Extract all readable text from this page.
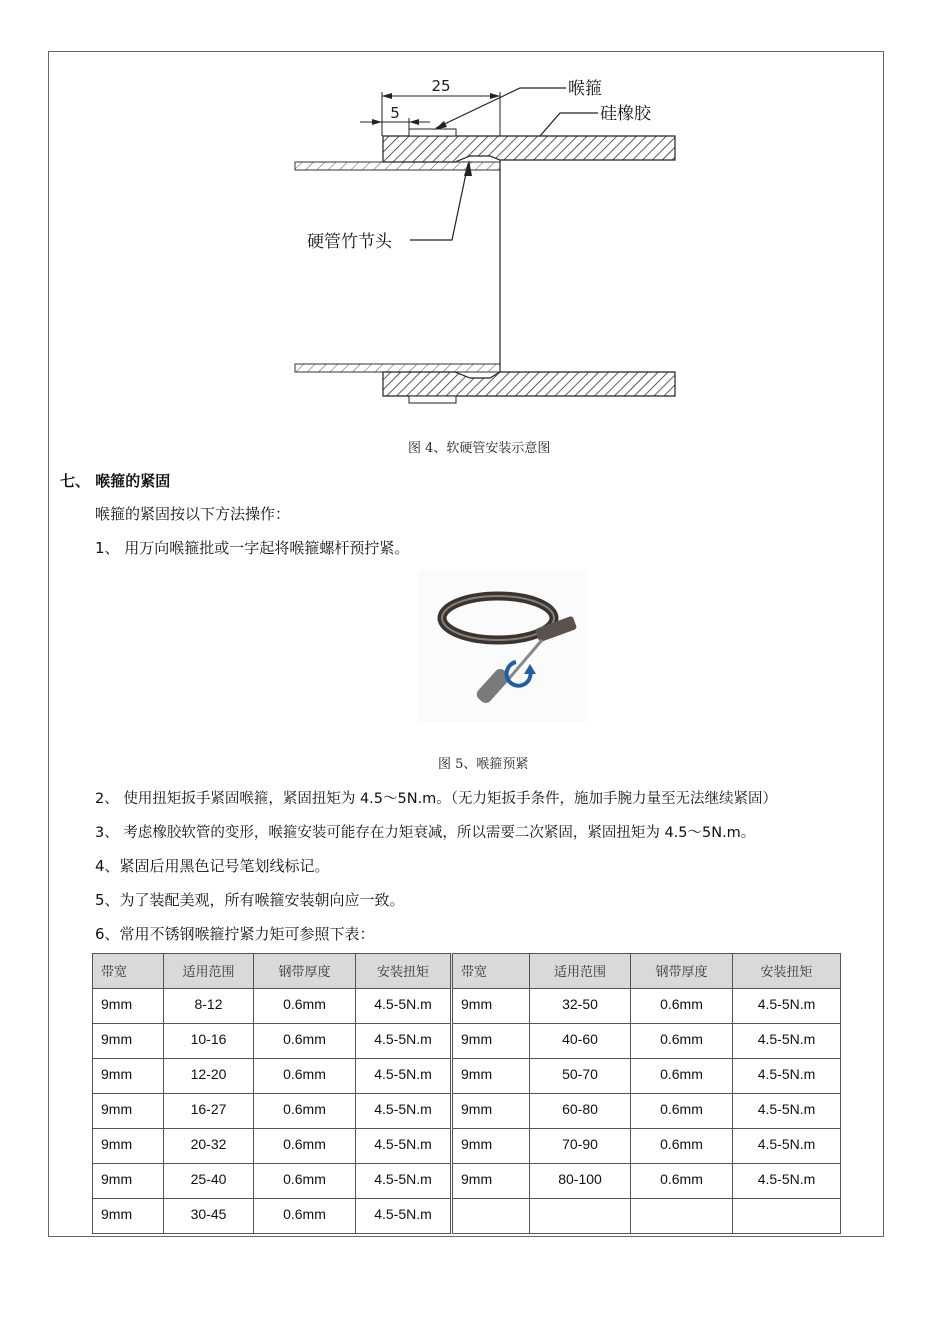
25
5
喉箍
硅橡胶
硬管竹节头
图 4、软硬管安装示意图
七、 喉箍的紧固
喉箍的紧固按以下方法操作：
1、 用万向喉箍批或一字起将喉箍螺杆预拧紧。
图 5、喉箍预紧
2、 使用扭矩扳手紧固喉箍，紧固扭矩为 4.5～5N.m。（无力矩扳手条件，施加手腕力量至无法继续紧固）
3、 考虑橡胶软管的变形，喉箍安装可能存在力矩衰减，所以需要二次紧固，紧固扭矩为 4.5～5N.m。
4、紧固后用黑色记号笔划线标记。
5、为了装配美观，所有喉箍安装朝向应一致。
6、常用不锈钢喉箍拧紧力矩可参照下表：
带宽	适用范围	钢带厚度	安装扭矩	带宽	适用范围	钢带厚度	安装扭矩
9mm	8-12	0.6mm	4.5-5N.m	9mm	32-50	0.6mm	4.5-5N.m
9mm	10-16	0.6mm	4.5-5N.m	9mm	40-60	0.6mm	4.5-5N.m
9mm	12-20	0.6mm	4.5-5N.m	9mm	50-70	0.6mm	4.5-5N.m
9mm	16-27	0.6mm	4.5-5N.m	9mm	60-80	0.6mm	4.5-5N.m
9mm	20-32	0.6mm	4.5-5N.m	9mm	70-90	0.6mm	4.5-5N.m
9mm	25-40	0.6mm	4.5-5N.m	9mm	80-100	0.6mm	4.5-5N.m
9mm	30-45	0.6mm	4.5-5N.m				
